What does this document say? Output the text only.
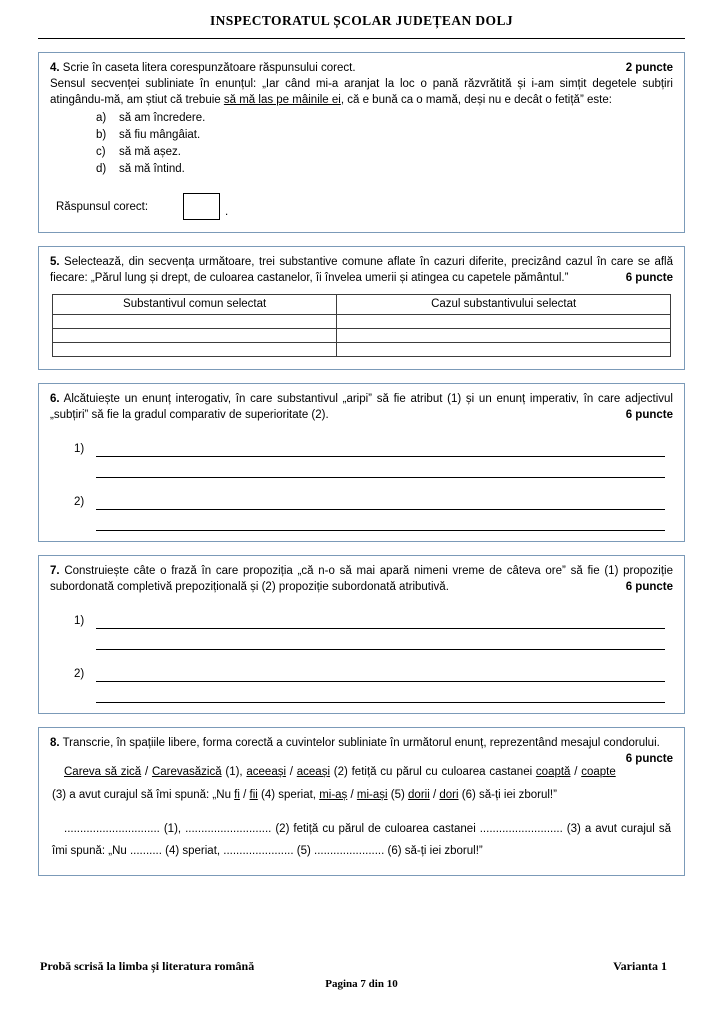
INSPECTORATUL ȘCOLAR JUDEȚEAN DOLJ

4. Scrie în caseta litera corespunzătoare răspunsului corect.	2 puncte

Sensul secvenței subliniate în enunțul: „Iar când mi-a aranjat la loc o pană răzvrătită și i-am simțit degetele subțiri atingându-mă, am știut că trebuie să mă las pe mâinile ei, că e bună ca o mamă, deși nu e decât o fetiță” este:

a) să am încredere.
b) să fiu mângâiat.
c) să mă așez.
d) să mă întind.
Răspunsul corect:	.

5. Selectează, din secvența următoare, trei substantive comune aflate în cazuri diferite, precizând cazul în care se află fiecare: „Părul lung și drept, de culoarea castanelor, îi învelea umerii și atingea cu capetele pământul.”	6 puncte

Substantivul comun selectat	Cazul substantivului selectat

6. Alcătuiește un enunț interogativ, în care substantivul „aripi” să fie atribut (1) și un enunț imperativ, în care adjectivul „subțiri” să fie la gradul comparativ de superioritate (2).	6 puncte

1)
2)

7. Construiește câte o frază în care propoziția „că n-o să mai apară nimeni vreme de câteva ore” să fie (1) propoziție subordonată completivă prepozițională și (2) propoziție subordonată atributivă.	6 puncte

1)
2)

8. Transcrie, în spațiile libere, forma corectă a cuvintelor subliniate în următorul enunț, reprezentând mesajul condorului.
6 puncte

Careva să zică / Carevasăzică (1), aceeași / aceași (2) fetiță cu părul cu culoarea castanei coaptă / coapte (3) a avut curajul să îmi spună: „Nu fi / fii (4) speriat, mi-aș / mi-ași (5) dorii / dori (6) să-ți iei zborul!”

.............................. (1), ........................... (2) fetiță cu părul de culoarea castanei .......................... (3) a avut curajul să îmi spună: „Nu .......... (4) speriat, ...................... (5) ...................... (6) să-ți iei zborul!”

Probă scrisă la limba și literatura română	Varianta 1
Pagina 7 din 10
